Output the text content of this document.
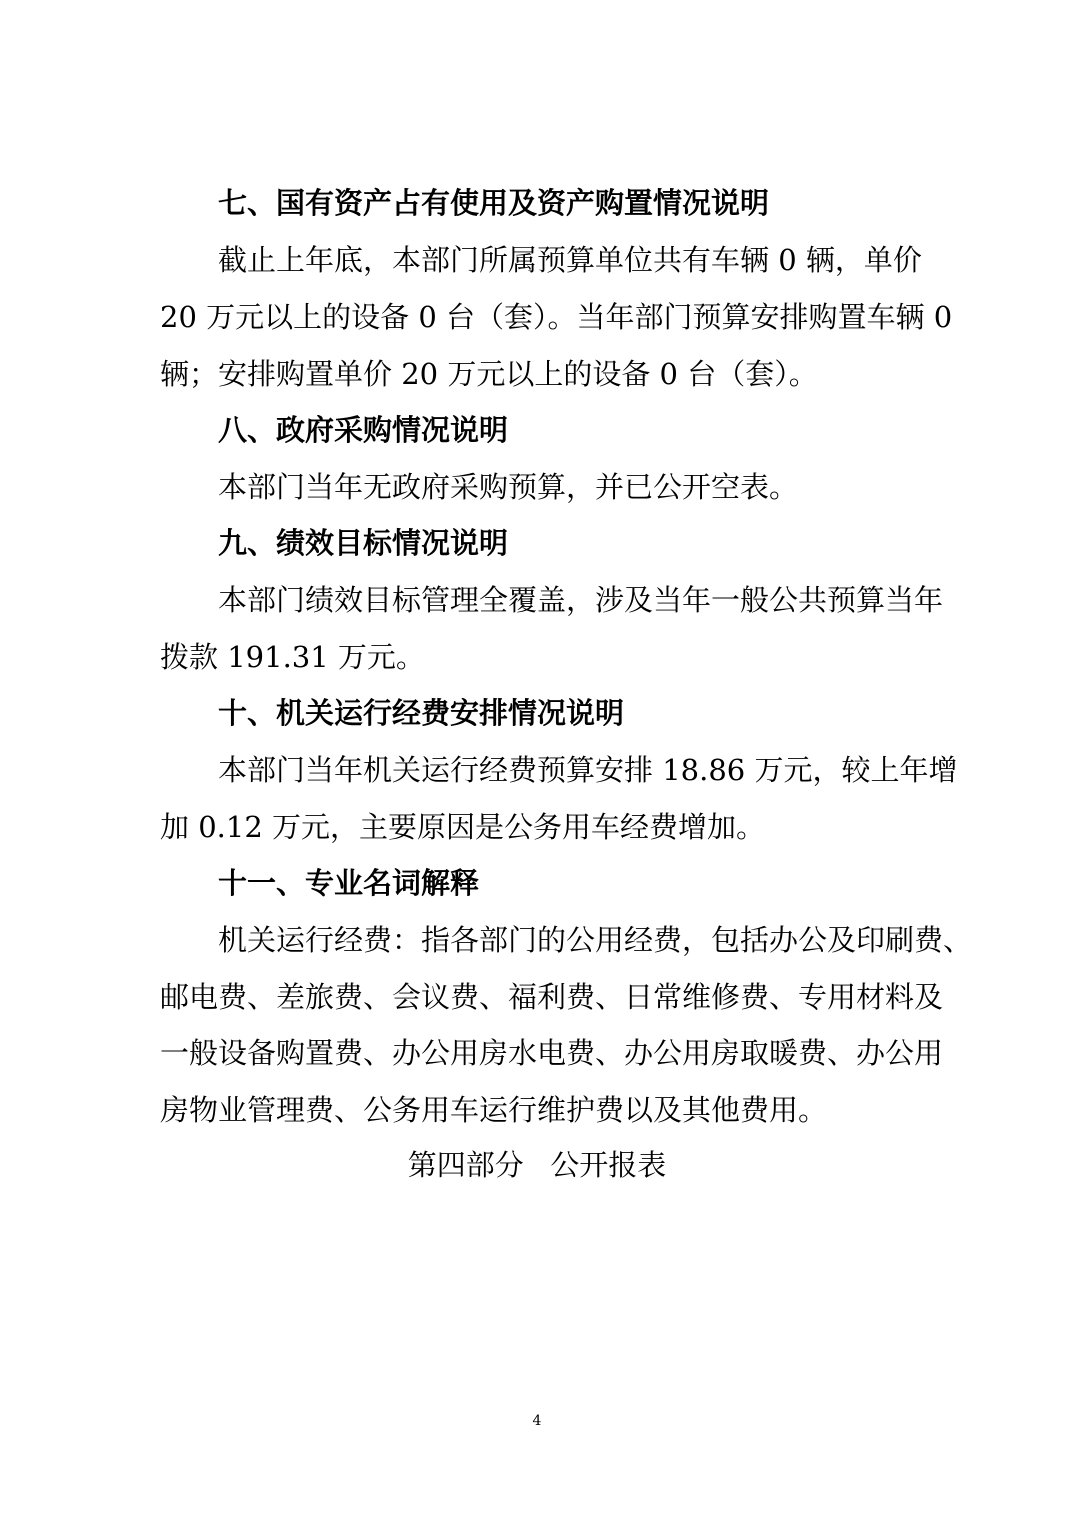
七、国有资产占有使用及资产购置情况说明
截止上年底，本部门所属预算单位共有车辆 0 辆，单价
20 万元以上的设备 0 台（套）。当年部门预算安排购置车辆 0
辆；安排购置单价 20 万元以上的设备 0 台（套）。
八、政府采购情况说明
本部门当年无政府采购预算，并已公开空表。
九、绩效目标情况说明
本部门绩效目标管理全覆盖，涉及当年一般公共预算当年
拨款 191.31 万元。
十、机关运行经费安排情况说明
本部门当年机关运行经费预算安排 18.86 万元，较上年增
加 0.12 万元，主要原因是公务用车经费增加。
十一、专业名词解释
机关运行经费：指各部门的公用经费，包括办公及印刷费、
邮电费、差旅费、会议费、福利费、日常维修费、专用材料及
一般设备购置费、办公用房水电费、办公用房取暖费、办公用
房物业管理费、公务用车运行维护费以及其他费用。
第四部分 公开报表
4
